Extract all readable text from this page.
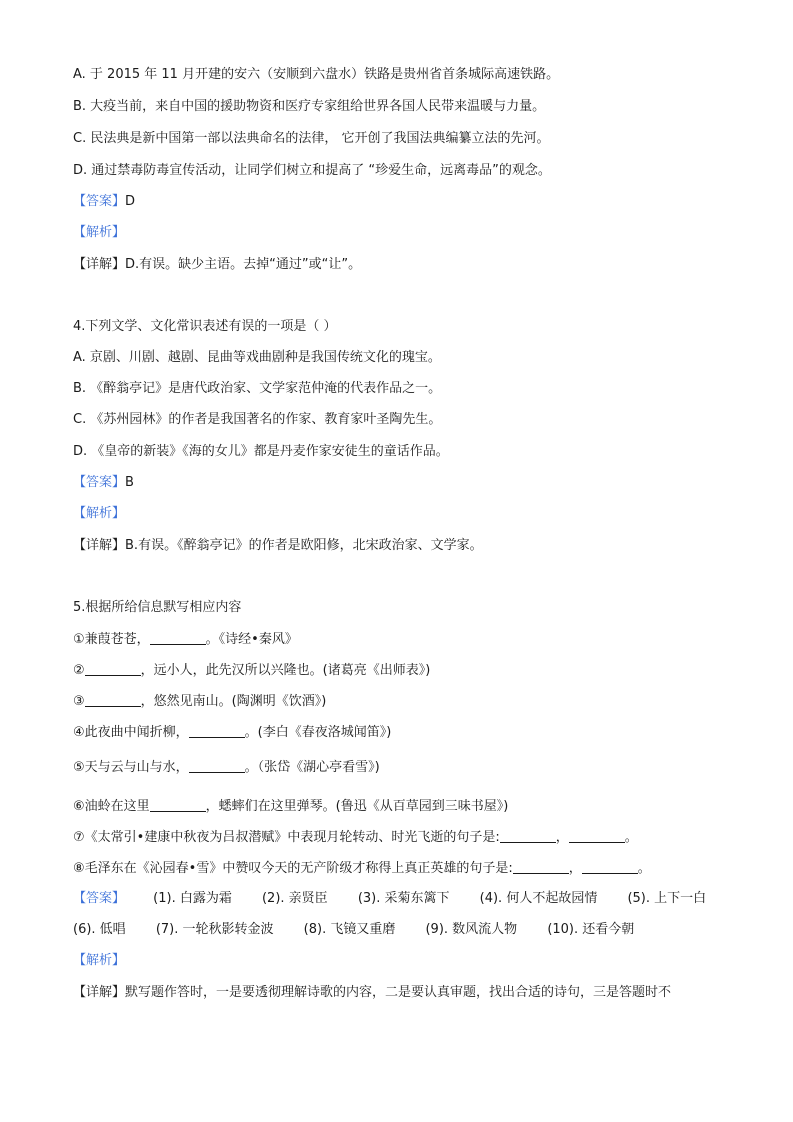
A. 于 2015 年 11 月开建的安六（安顺到六盘水）铁路是贵州省首条城际高速铁路。
B. 大疫当前，来自中国的援助物资和医疗专家组给世界各国人民带来温暖与力量。
C. 民法典是新中国第一部以法典命名的法律， 它开创了我国法典编纂立法的先河。
D. 通过禁毒防毒宣传活动，让同学们树立和提高了 “珍爱生命，远离毒品”的观念。
【答案】D
【解析】
【详解】D.有误。缺少主语。去掉“通过”或“让”。
4.下列文学、文化常识表述有误的一项是（ ）
A. 京剧、川剧、越剧、昆曲等戏曲剧种是我国传统文化的瑰宝。
B. 《醉翁亭记》是唐代政治家、文学家范仲淹的代表作品之一。
C. 《苏州园林》的作者是我国著名的作家、教育家叶圣陶先生。
D. 《皇帝的新装》《海的女儿》都是丹麦作家安徒生的童话作品。
【答案】B
【解析】
【详解】B.有误。《醉翁亭记》的作者是欧阳修，北宋政治家、文学家。
5.根据所给信息默写相应内容
①兼葭苍苍，	。《诗经•秦风》
②	，远小人，此先汉所以兴隆也。(诸葛亮《出师表》)
③	，悠然见南山。(陶渊明《饮酒》)
④此夜曲中闻折柳，	。(李白《春夜洛城闻笛》)
⑤天与云与山与水，	。（张岱《湖心亭看雪》)
⑥油蛉在这里	，蟋蟀们在这里弹琴。(鲁迅《从百草园到三味书屋》)
⑦《太常引•建康中秋夜为吕叔潜赋》中表现月轮转动、时光飞逝的句子是:	，	。
⑧毛泽东在《沁园春•雪》中赞叹今天的无产阶级才称得上真正英雄的句子是:	，	。
【答案】 (1). 白露为霜 (2). 亲贤臣 (3). 采菊东篱下 (4). 何人不起故园情 (5). 上下一白
(6). 低唱 (7). 一轮秋影转金波 (8). 飞镜又重磨 (9). 数风流人物 (10). 还看今朝
【解析】
【详解】默写题作答时，一是要透彻理解诗歌的内容，二是要认真审题，找出合适的诗句，三是答题时不
